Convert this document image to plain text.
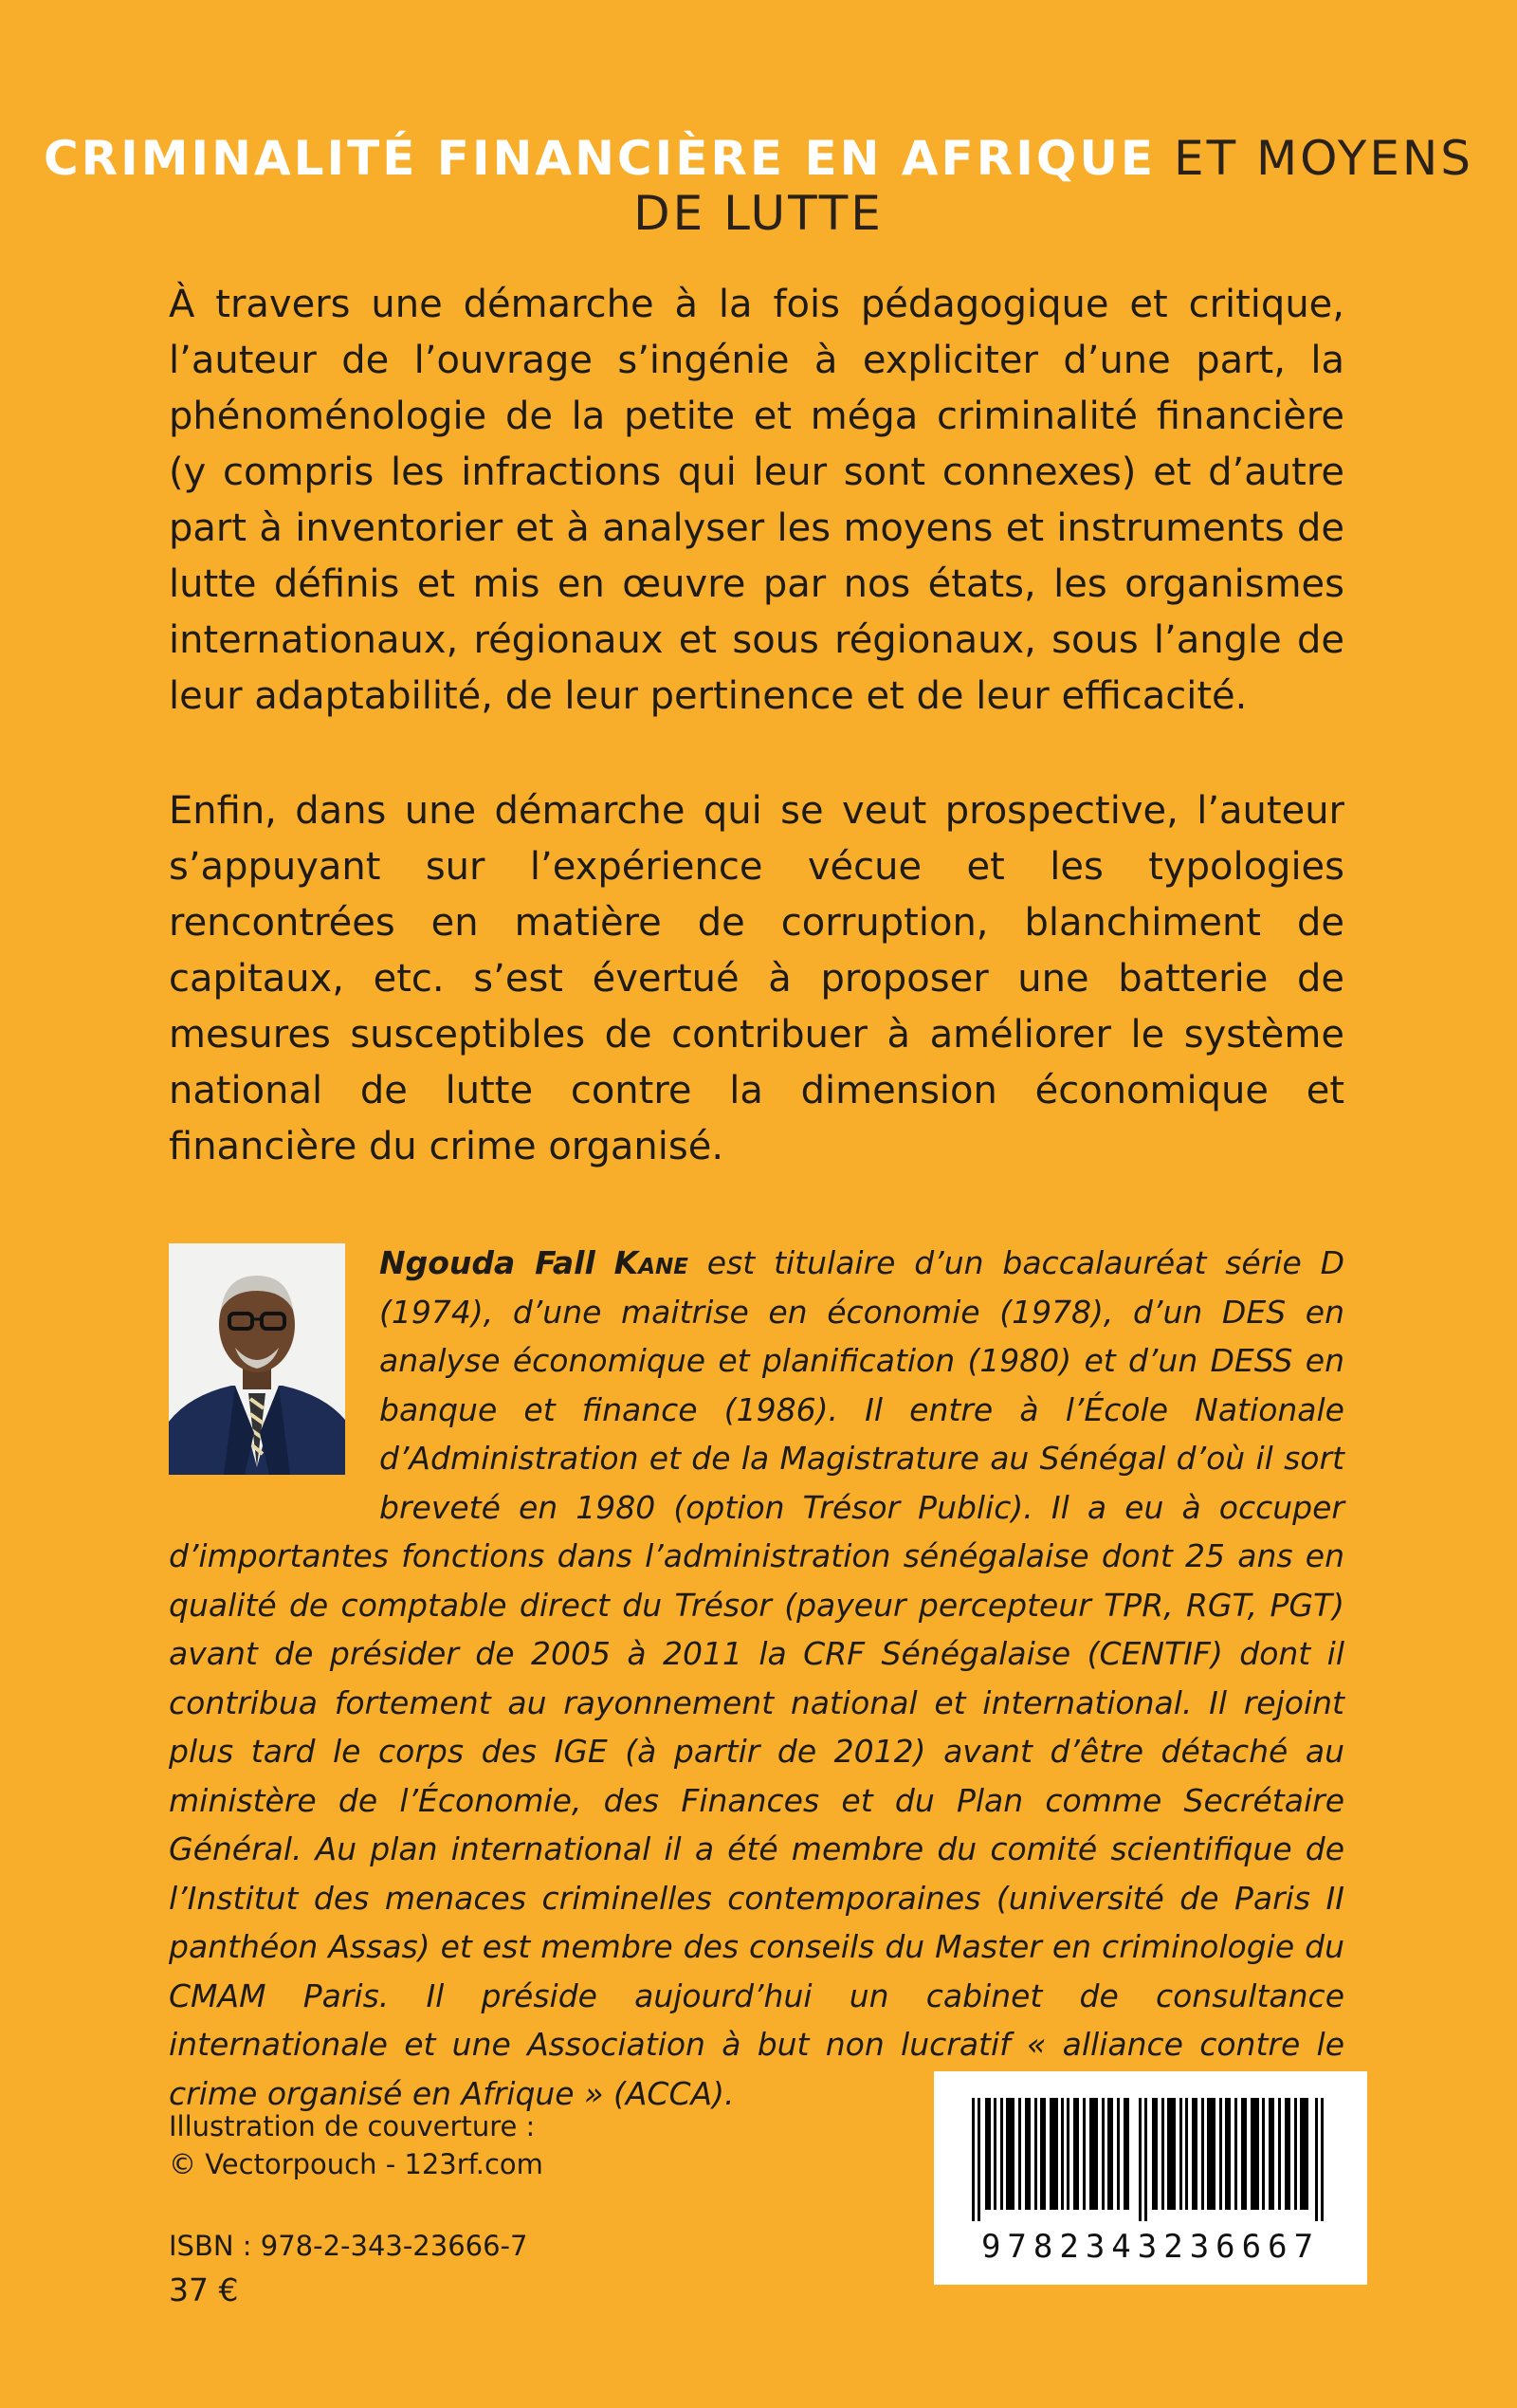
CRIMINALITÉ FINANCIÈRE EN AFRIQUE ET MOYENS DE LUTTE

À travers une démarche à la fois pédagogique et critique, l’auteur de l’ouvrage s’ingénie à expliciter d’une part, la phénoménologie de la petite et méga criminalité financière (y compris les infractions qui leur sont connexes) et d’autre part à inventorier et à analyser les moyens et instruments de lutte définis et mis en œuvre par nos états, les organismes internationaux, régionaux et sous régionaux, sous l’angle de leur adaptabilité, de leur pertinence et de leur efficacité.

Enfin, dans une démarche qui se veut prospective, l’auteur s’appuyant sur l’expérience vécue et les typologies rencontrées en matière de corruption, blanchiment de capitaux, etc. s’est évertué à proposer une batterie de mesures susceptibles de contribuer à améliorer le système national de lutte contre la dimension économique et financière du crime organisé.

Ngouda Fall Kane est titulaire d’un baccalauréat série D (1974), d’une maitrise en économie (1978), d’un DES en analyse économique et planification (1980) et d’un DESS en banque et finance (1986). Il entre à l’École Nationale d’Administration et de la Magistrature au Sénégal d’où il sort breveté en 1980 (option Trésor Public). Il a eu à occuper d’importantes fonctions dans l’administration sénégalaise dont 25 ans en qualité de comptable direct du Trésor (payeur percepteur TPR, RGT, PGT) avant de présider de 2005 à 2011 la CRF Sénégalaise (CENTIF) dont il contribua fortement au rayonnement national et international. Il rejoint plus tard le corps des IGE (à partir de 2012) avant d’être détaché au ministère de l’Économie, des Finances et du Plan comme Secrétaire Général. Au plan international il a été membre du comité scientifique de l’Institut des menaces criminelles contemporaines (université de Paris II panthéon Assas) et est membre des conseils du Master en criminologie du CMAM Paris. Il préside aujourd’hui un cabinet de consultance internationale et une Association à but non lucratif « alliance contre le crime organisé en Afrique » (ACCA).

Illustration de couverture :
© Vectorpouch - 123rf.com
ISBN : 978-2-343-23666-7
37 €
9782343236667
